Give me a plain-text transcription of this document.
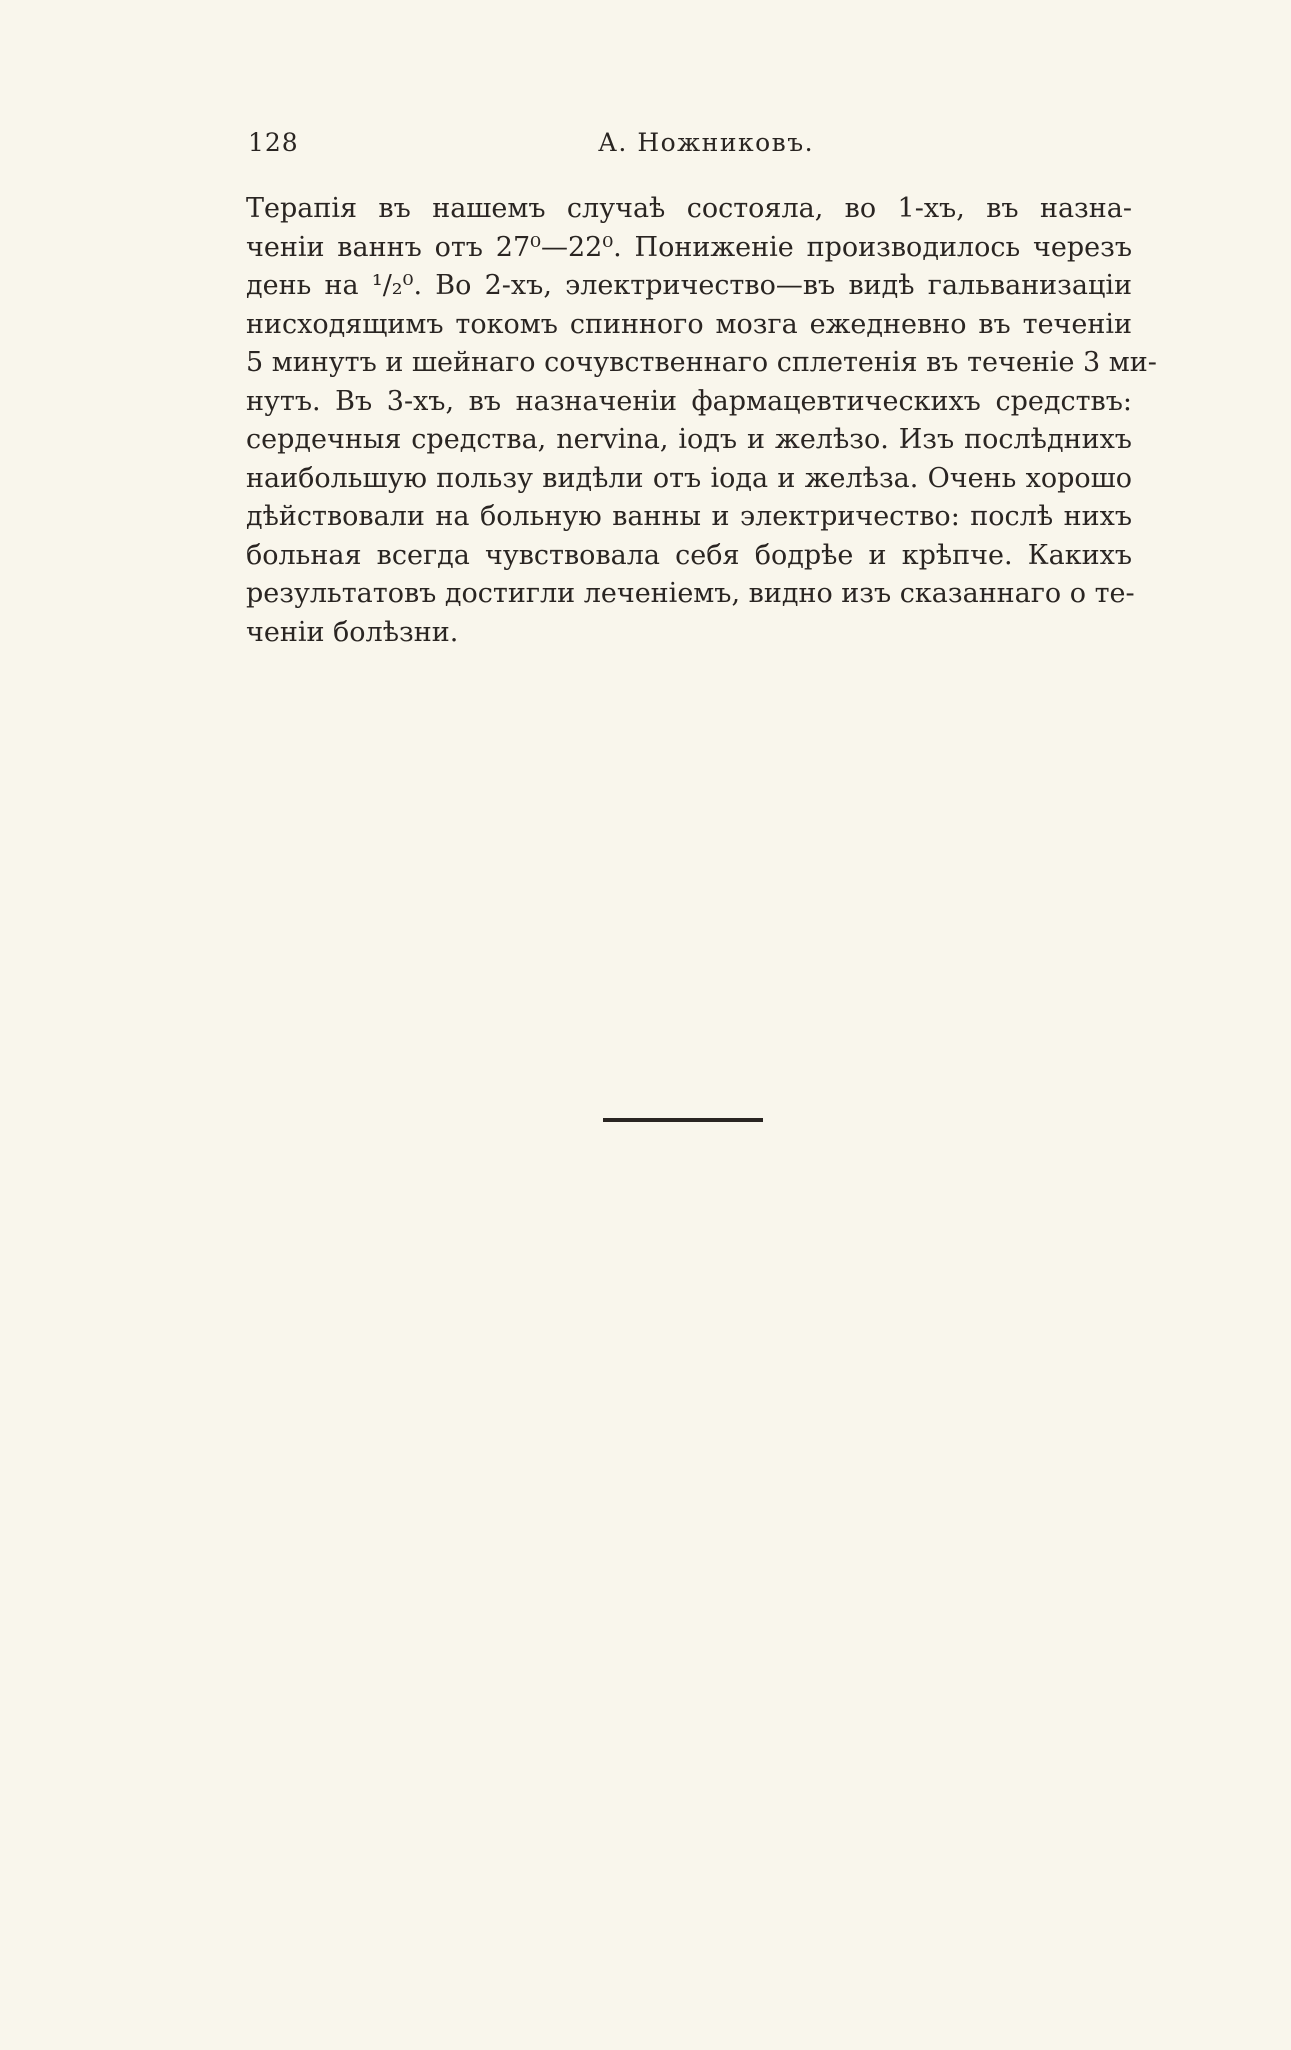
128	А. Ножниковъ.

Терапія въ нашемъ случаѣ состояла, во 1-хъ, въ назна-
ченіи ваннъ отъ 27⁰—22⁰. Пониженіе производилось черезъ
день на ¹/₂⁰. Во 2-хъ, электричество—въ видѣ гальванизаціи
нисходящимъ токомъ спинного мозга ежедневно въ теченіи
5 минутъ и шейнаго сочувственнаго сплетенія въ теченіе 3 ми-
нутъ. Въ 3-хъ, въ назначеніи фармацевтическихъ средствъ:
сердечныя средства, nervina, іодъ и желѣзо. Изъ послѣднихъ
наибольшую пользу видѣли отъ іода и желѣза. Очень хорошо
дѣйствовали на больную ванны и электричество: послѣ нихъ
больная всегда чувствовала себя бодрѣе и крѣпче. Какихъ
результатовъ достигли леченіемъ, видно изъ сказаннаго о те-
ченіи болѣзни.
